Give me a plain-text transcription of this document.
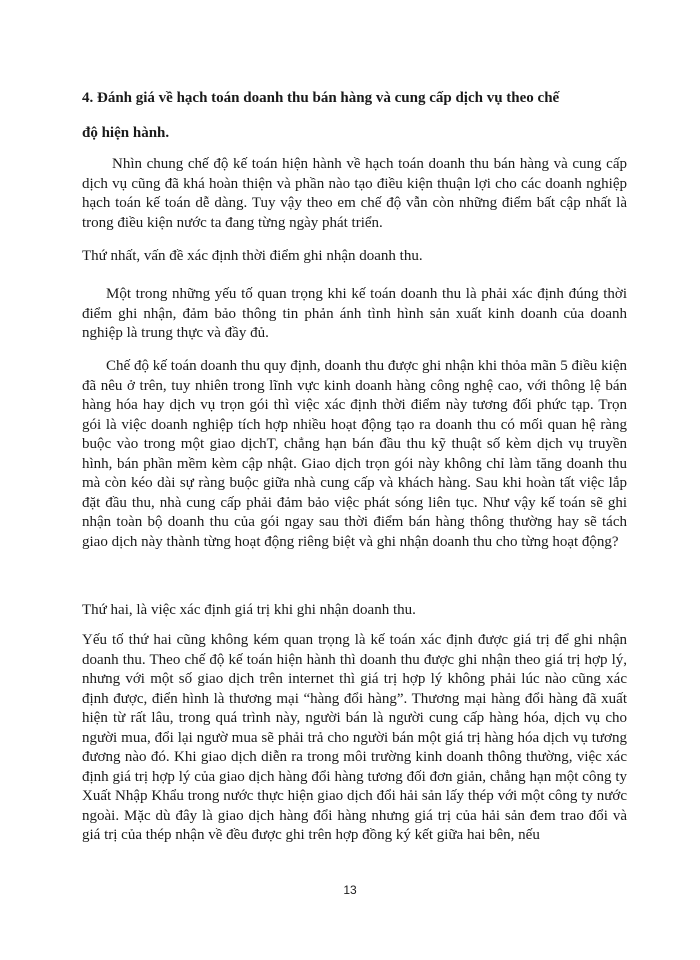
4. Đánh giá về hạch toán doanh thu bán hàng và cung cấp dịch vụ theo chế
độ hiện hành.

Nhìn chung chế độ kế toán hiện hành về hạch toán doanh thu bán hàng và cung cấp dịch vụ cũng đã khá hoàn thiện và phần nào tạo điều kiện thuận lợi cho các doanh nghiệp hạch toán kế toán dễ dàng. Tuy vậy theo em chế độ vẫn còn những điểm bất cập nhất là trong điều kiện nước ta đang từng ngày phát triển.

Thứ nhất, vấn đề xác định thời điểm ghi nhận doanh thu.

Một trong những yếu tố quan trọng khi kế toán doanh thu là phải xác định đúng thời điểm ghi nhận, đảm bảo thông tin phản ánh tình hình sản xuất kinh doanh của doanh nghiệp là trung thực và đầy đủ.

Chế độ kế toán doanh thu quy định, doanh thu được ghi nhận khi thỏa mãn 5 điều kiện đã nêu ở trên, tuy nhiên trong lĩnh vực kinh doanh hàng công nghệ cao, với thông lệ bán hàng hóa hay dịch vụ trọn gói thì việc xác định thời điểm này tương đối phức tạp. Trọn gói là việc doanh nghiệp tích hợp nhiều hoạt động tạo ra doanh thu có mối quan hệ ràng buộc vào trong một giao dịchT, chẳng hạn bán đầu thu kỹ thuật số kèm dịch vụ truyền hình, bán phần mềm kèm cập nhật. Giao dịch trọn gói này không chỉ làm tăng doanh thu mà còn kéo dài sự ràng buộc giữa nhà cung cấp và khách hàng. Sau khi hoàn tất việc lắp đặt đầu thu, nhà cung cấp phải đảm bảo việc phát sóng liên tục. Như vậy kế toán sẽ ghi nhận toàn bộ doanh thu của gói ngay sau thời điểm bán hàng thông thường hay sẽ tách giao dịch này thành từng hoạt động riêng biệt và ghi nhận doanh thu cho từng hoạt động?

Thứ hai, là việc xác định giá trị khi ghi nhận doanh thu.

Yếu tố thứ hai cũng không kém quan trọng là kế toán xác định được giá trị để ghi nhận doanh thu. Theo chế độ kế toán hiện hành thì doanh thu được ghi nhận theo giá trị hợp lý, nhưng với một số giao dịch trên internet thì giá trị hợp lý không phải lúc nào cũng xác định được, điển hình là thương mại “hàng đổi hàng”. Thương mại hàng đổi hàng đã xuất hiện từ rất lâu, trong quá trình này, người bán là người cung cấp hàng hóa, dịch vụ cho người mua, đổi lại ngườ mua sẽ phải trả cho người bán một giá trị hàng hóa dịch vụ tương đương nào đó. Khi giao dịch diễn ra trong môi trường kinh doanh thông thường, việc xác định giá trị hợp lý của giao dịch hàng đổi hàng tương đối đơn giản, chẳng hạn một công ty Xuất Nhập Khẩu trong nước thực hiện giao dịch đổi hải sản lấy thép với một công ty nước ngoài. Mặc dù đây là giao dịch hàng đổi hàng nhưng giá trị của hải sản đem trao đổi và giá trị của thép nhận về đều được ghi trên hợp đồng ký kết giữa hai bên, nếu

13
